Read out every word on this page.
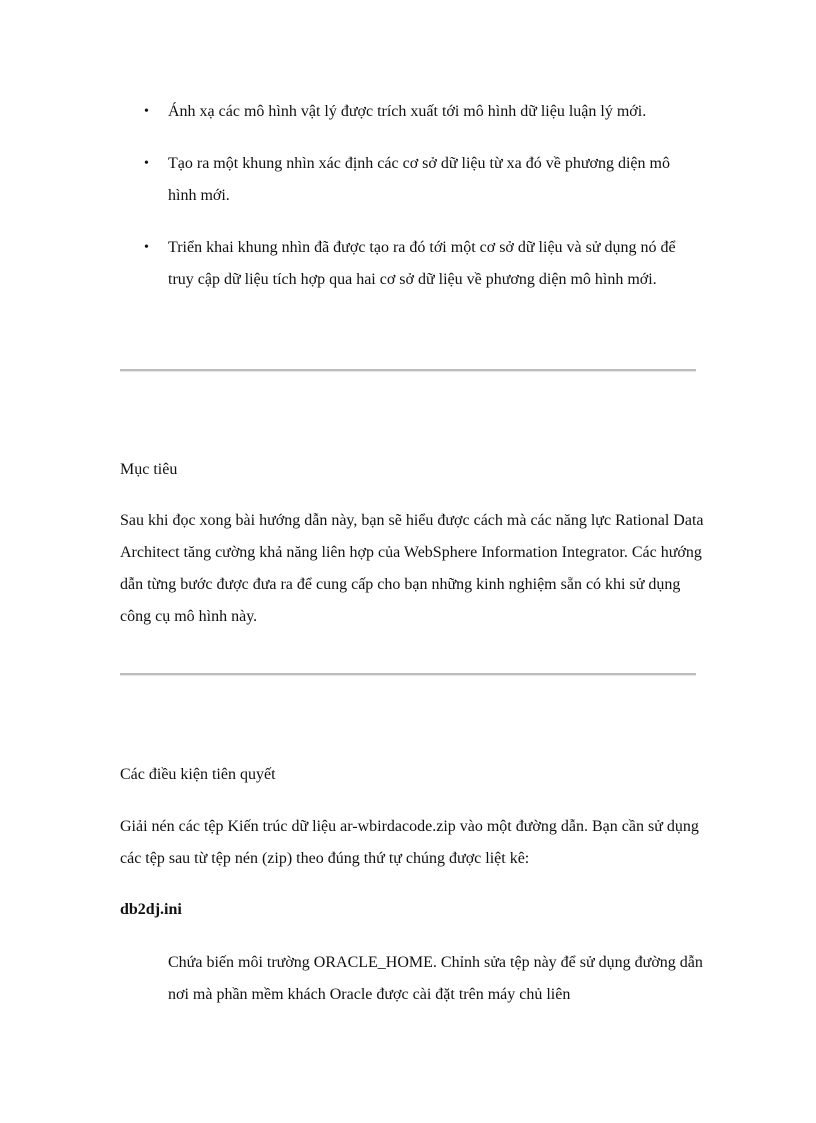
• Ánh xạ các mô hình vật lý được trích xuất tới mô hình dữ liệu luận lý mới.
• Tạo ra một khung nhìn xác định các cơ sở dữ liệu từ xa đó về phương diện mô hình mới.
• Triển khai khung nhìn đã được tạo ra đó tới một cơ sở dữ liệu và sử dụng nó để truy cập dữ liệu tích hợp qua hai cơ sở dữ liệu về phương diện mô hình mới.
Mục tiêu

Sau khi đọc xong bài hướng dẫn này, bạn sẽ hiểu được cách mà các năng lực Rational Data Architect tăng cường khả năng liên hợp của WebSphere Information Integrator. Các hướng dẫn từng bước được đưa ra để cung cấp cho bạn những kinh nghiệm sẵn có khi sử dụng công cụ mô hình này.

Các điều kiện tiên quyết

Giải nén các tệp Kiến trúc dữ liệu ar-wbirdacode.zip vào một đường dẫn. Bạn cần sử dụng các tệp sau từ tệp nén (zip) theo đúng thứ tự chúng được liệt kê:

db2dj.ini

Chứa biến môi trường ORACLE_HOME. Chỉnh sửa tệp này để sử dụng đường dẫn nơi mà phần mềm khách Oracle được cài đặt trên máy chủ liên
